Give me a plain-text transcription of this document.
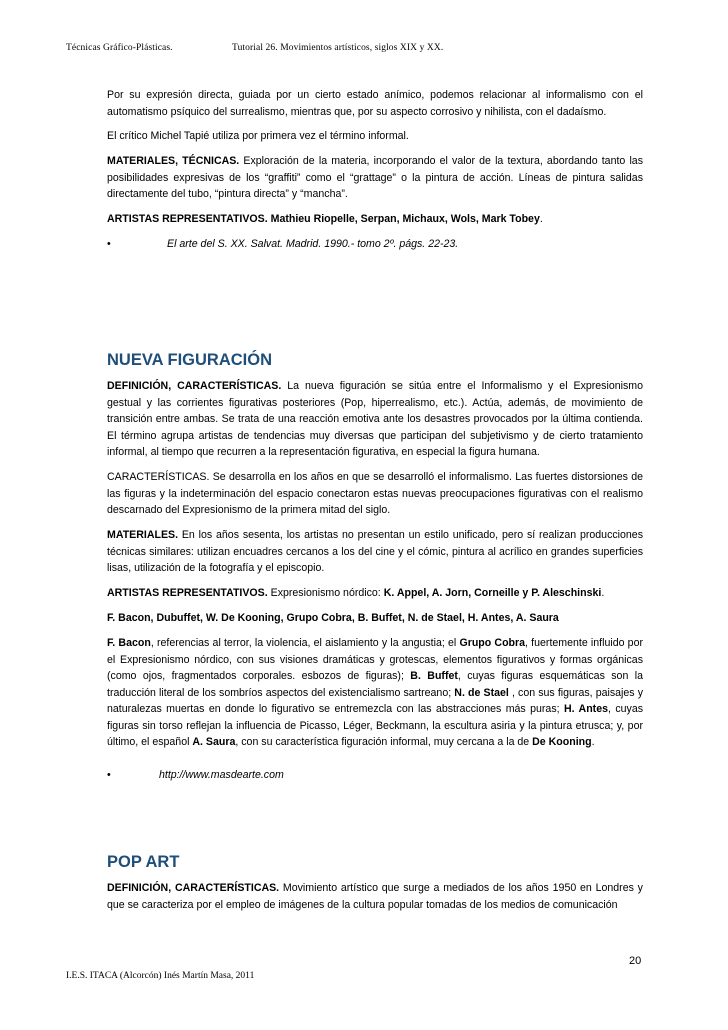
Técnicas Gráfico-Plásticas.	Tutorial 26. Movimientos artísticos, siglos XIX y XX.

Por su expresión directa, guiada por un cierto estado anímico, podemos relacionar al informalismo con el automatismo psíquico del surrealismo, mientras que, por su aspecto corrosivo y nihilista, con el dadaísmo.

El crítico Michel Tapié utiliza por primera vez el término informal.

MATERIALES, TÉCNICAS. Exploración de la materia, incorporando el valor de la textura, abordando tanto las posibilidades expresivas de los “graffiti” como el “grattage” o la pintura de acción. Líneas de pintura salidas directamente del tubo, “pintura directa” y “mancha”.

ARTISTAS REPRESENTATIVOS. Mathieu Riopelle, Serpan, Michaux, Wols, Mark Tobey.

•	El arte del S. XX. Salvat. Madrid. 1990.- tomo 2º. págs. 22-23.
NUEVA FIGURACIÓN

DEFINICIÓN, CARACTERÍSTICAS. La nueva figuración se sitúa entre el Informalismo y el Expresionismo gestual y las corrientes figurativas posteriores (Pop, hiperrealismo, etc.). Actúa, además, de movimiento de transición entre ambas. Se trata de una reacción emotiva ante los desastres provocados por la última contienda. El término agrupa artistas de tendencias muy diversas que participan del subjetivismo y de cierto tratamiento informal, al tiempo que recurren a la representación figurativa, en especial la figura humana.

CARACTERÍSTICAS. Se desarrolla en los años en que se desarrolló el informalismo. Las fuertes distorsiones de las figuras y la indeterminación del espacio conectaron estas nuevas preocupaciones figurativas con el realismo descarnado del Expresionismo de la primera mitad del siglo.

MATERIALES. En los años sesenta, los artistas no presentan un estilo unificado, pero sí realizan producciones técnicas similares: utilizan encuadres cercanos a los del cine y el cómic, pintura al acrílico en grandes superficies lisas, utilización de la fotografía y el episcopio.

ARTISTAS REPRESENTATIVOS. Expresionismo nórdico: K. Appel, A. Jorn, Corneille y P. Aleschinski.

F. Bacon, Dubuffet, W. De Kooning, Grupo Cobra, B. Buffet, N. de Stael, H. Antes, A. Saura

F. Bacon, referencias al terror, la violencia, el aislamiento y la angustia; el Grupo Cobra, fuertemente influido por el Expresionismo nórdico, con sus visiones dramáticas y grotescas, elementos figurativos y formas orgánicas (como ojos, fragmentados corporales. esbozos de figuras); B. Buffet, cuyas figuras esquemáticas son la traducción literal de los sombríos aspectos del existencialismo sartreano; N. de Stael , con sus figuras, paisajes y naturalezas muertas en donde lo figurativo se entremezcla con las abstracciones más puras; H. Antes, cuyas figuras sin torso reflejan la influencia de Picasso, Léger, Beckmann, la escultura asiria y la pintura etrusca; y, por último, el español A. Saura, con su característica figuración informal, muy cercana a la de De Kooning.

•	http://www.masdearte.com
POP ART

DEFINICIÓN, CARACTERÍSTICAS. Movimiento artístico que surge a mediados de los años 1950 en Londres y que se caracteriza por el empleo de imágenes de la cultura popular tomadas de los medios de comunicación

20
I.E.S. ITACA (Alcorcón) Inés Martín Masa, 2011
